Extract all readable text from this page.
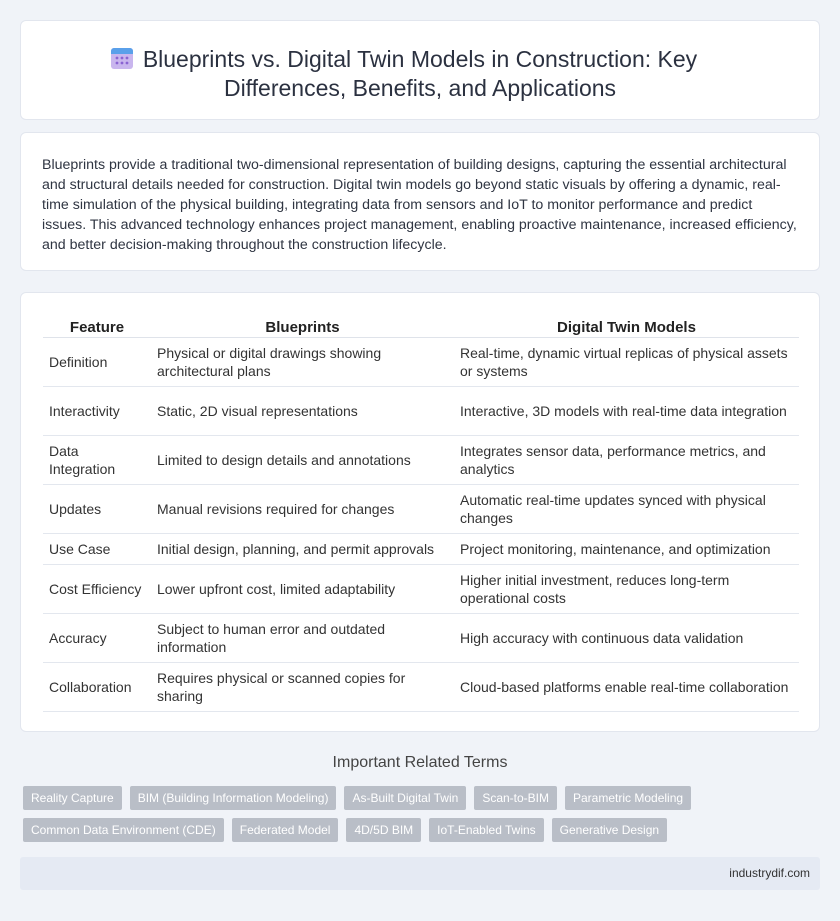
Blueprints vs. Digital Twin Models in Construction: Key
Differences, Benefits, and Applications

Blueprints provide a traditional two-dimensional representation of building designs, capturing the essential architectural and structural details needed for construction. Digital twin models go beyond static visuals by offering a dynamic, real-time simulation of the physical building, integrating data from sensors and IoT to monitor performance and predict issues. This advanced technology enhances project management, enabling proactive maintenance, increased efficiency, and better decision-making throughout the construction lifecycle.

Feature	Blueprints	Digital Twin Models
Definition	Physical or digital drawings showing architectural plans	Real-time, dynamic virtual replicas of physical assets or systems
Interactivity	Static, 2D visual representations	Interactive, 3D models with real-time data integration
Data Integration	Limited to design details and annotations	Integrates sensor data, performance metrics, and analytics
Updates	Manual revisions required for changes	Automatic real-time updates synced with physical changes
Use Case	Initial design, planning, and permit approvals	Project monitoring, maintenance, and optimization
Cost Efficiency	Lower upfront cost, limited adaptability	Higher initial investment, reduces long-term operational costs
Accuracy	Subject to human error and outdated information	High accuracy with continuous data validation
Collaboration	Requires physical or scanned copies for sharing	Cloud-based platforms enable real-time collaboration
Important Related Terms
Reality Capture	BIM (Building Information Modeling)	As-Built Digital Twin	Scan-to-BIM	Parametric Modeling
Common Data Environment (CDE)	Federated Model	4D/5D BIM	IoT-Enabled Twins	Generative Design
industrydif.com
